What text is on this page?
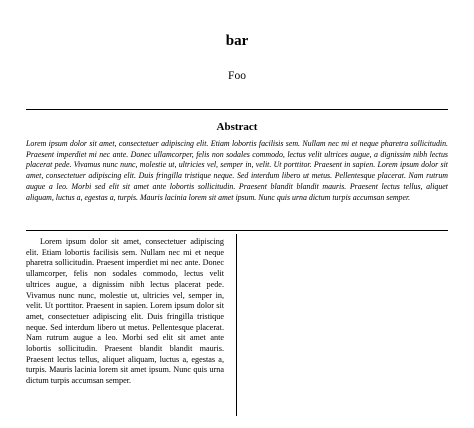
bar
Foo
Abstract
Lorem ipsum dolor sit amet, consectetuer adipiscing elit. Etiam lobortis facilisis sem. Nullam nec mi et neque pharetra sollicitudin. Praesent imperdiet mi nec ante. Donec ullamcorper, felis non sodales commodo, lectus velit ultrices augue, a dignissim nibh lectus placerat pede. Vivamus nunc nunc, molestie ut, ultricies vel, semper in, velit. Ut porttitor. Praesent in sapien. Lorem ipsum dolor sit amet, consectetuer adipiscing elit. Duis fringilla tristique neque. Sed interdum libero ut metus. Pellentesque placerat. Nam rutrum augue a leo. Morbi sed elit sit amet ante lobortis sollicitudin. Praesent blandit blandit mauris. Praesent lectus tellus, aliquet aliquam, luctus a, egestas a, turpis. Mauris lacinia lorem sit amet ipsum. Nunc quis urna dictum turpis accumsan semper.
Lorem ipsum dolor sit amet, consectetuer adipiscing elit. Etiam lobortis facilisis sem. Nullam nec mi et neque pharetra sollicitudin. Praesent imperdiet mi nec ante. Donec ullamcorper, felis non sodales commodo, lectus velit ultrices augue, a dignissim nibh lectus placerat pede. Vivamus nunc nunc, molestie ut, ultricies vel, semper in, velit. Ut porttitor. Praesent in sapien. Lorem ipsum dolor sit amet, consectetuer adipiscing elit. Duis fringilla tristique neque. Sed interdum libero ut metus. Pellentesque placerat. Nam rutrum augue a leo. Morbi sed elit sit amet ante lobortis sollicitudin. Praesent blandit blandit mauris. Praesent lectus tellus, aliquet aliquam, luctus a, egestas a, turpis. Mauris lacinia lorem sit amet ipsum. Nunc quis urna dictum turpis accumsan semper.
